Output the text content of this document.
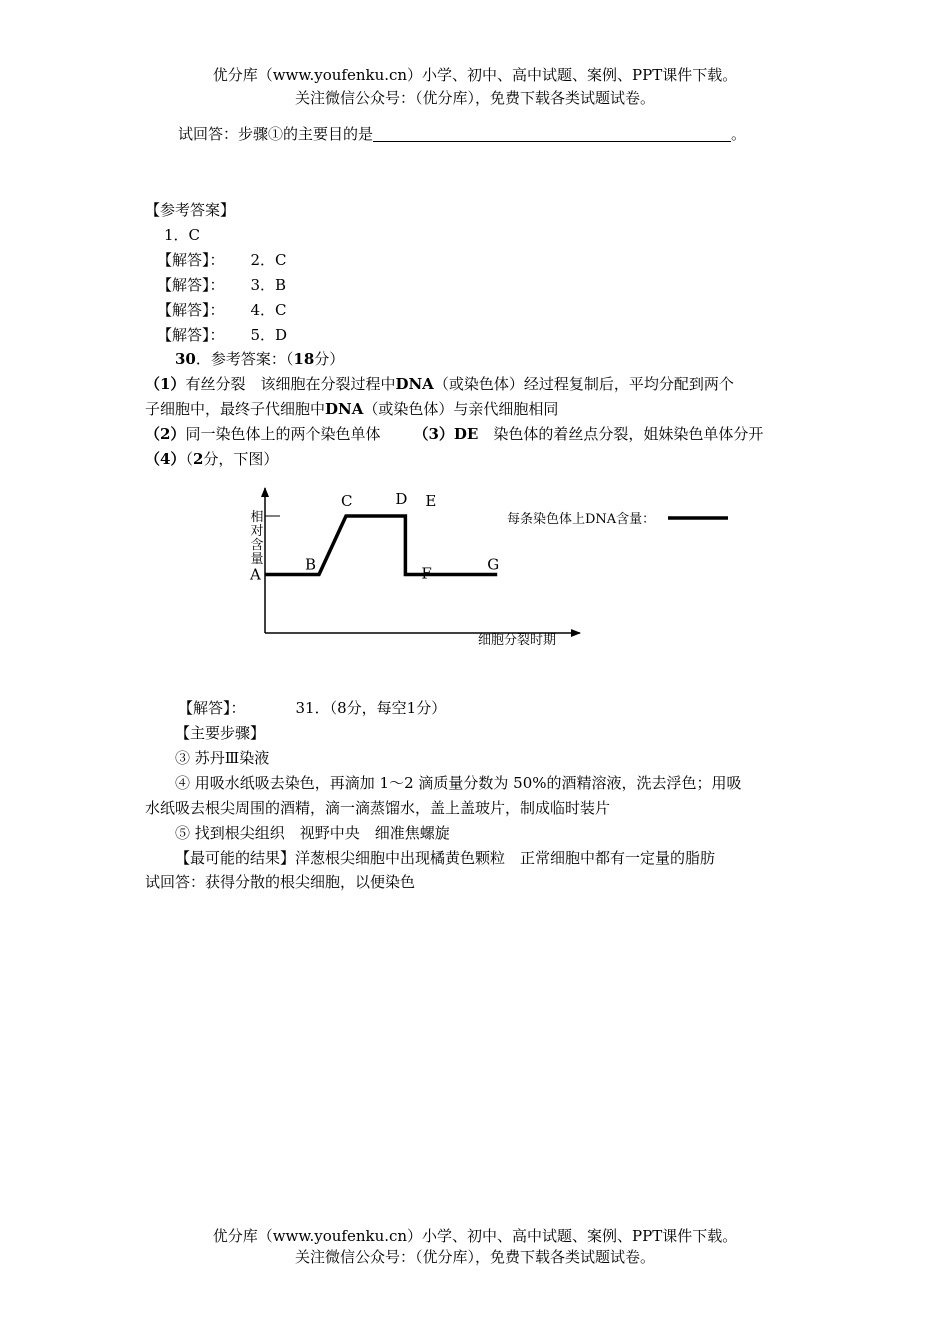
优分库（www.youfenku.cn）小学、初中、高中试题、案例、PPT课件下载。
关注微信公众号：（优分库），免费下载各类试题试卷。
试回答：步骤①的主要目的是	。
【参考答案】
1．C
【解答】： 2．C
【解答】： 3．B
【解答】： 4．C
【解答】： 5．D
30．参考答案：（18分）
（1）有丝分裂　该细胞在分裂过程中DNA（或染色体）经过程复制后，平均分配到两个
子细胞中，最终子代细胞中DNA（或染色体）与亲代细胞相同
（2）同一染色体上的两个染色单体　（3）DE　染色体的着丝点分裂，姐妹染色单体分开
（4）（2分，下图）
相对含量
细胞分裂时期
A
B
C	D E
F	G
每条染色体上DNA含量：
【解答】：	31．（8分，每空1分）
【主要步骤】
③ 苏丹Ⅲ染液
④ 用吸水纸吸去染色，再滴加 1～2 滴质量分数为 50%的酒精溶液，洗去浮色；用吸
水纸吸去根尖周围的酒精，滴一滴蒸馏水，盖上盖玻片，制成临时装片
⑤ 找到根尖组织　视野中央　细准焦螺旋
【最可能的结果】洋葱根尖细胞中出现橘黄色颗粒　正常细胞中都有一定量的脂肪
试回答：获得分散的根尖细胞，以便染色
优分库（www.youfenku.cn）小学、初中、高中试题、案例、PPT课件下载。
关注微信公众号：（优分库），免费下载各类试题试卷。
